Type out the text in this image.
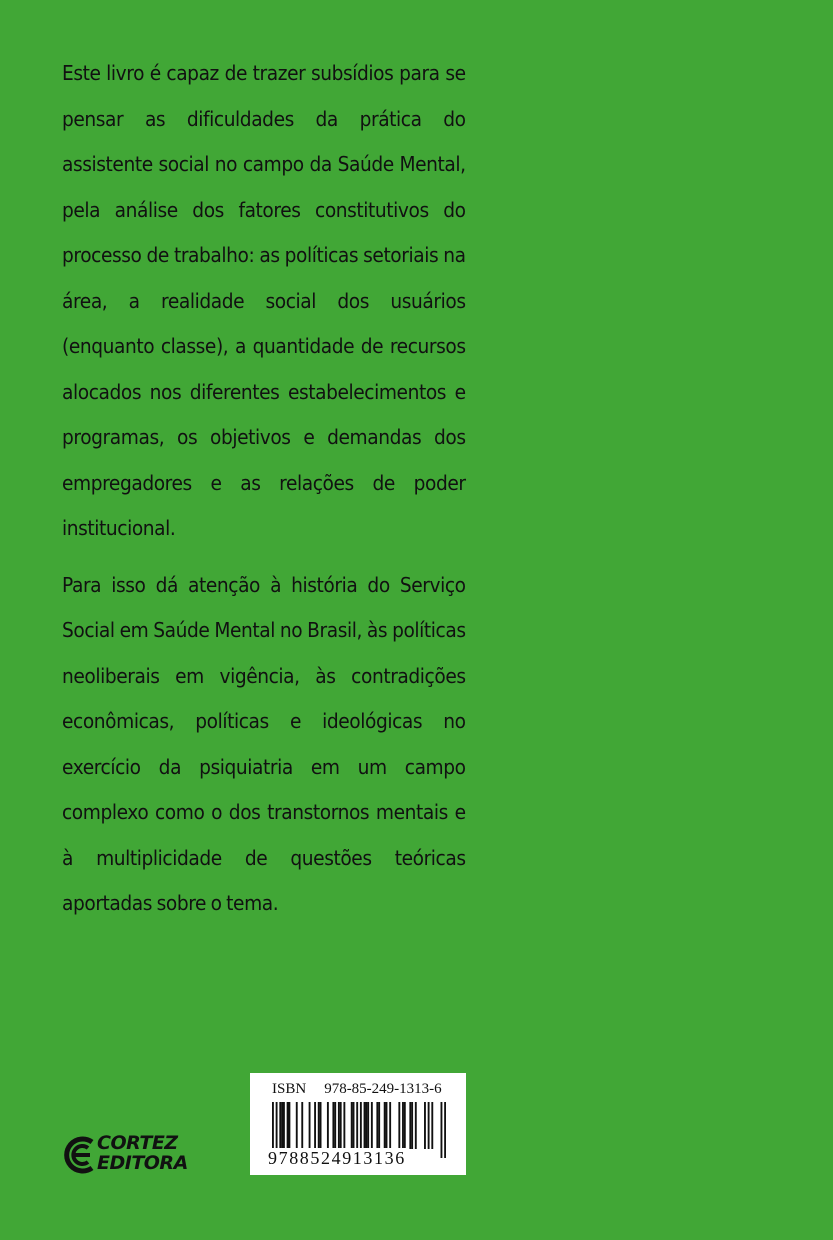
Este livro é capaz de trazer subsídios para se pensar as dificuldades da prática do assistente social no campo da Saúde Mental, pela análise dos fatores constitutivos do processo de trabalho: as políticas setoriais na área, a realidade social dos usuários (enquanto classe), a quantidade de recursos alocados nos diferentes estabelecimentos e programas, os objetivos e demandas dos empregadores e as relações de poder institucional.

Para isso dá atenção à história do Serviço Social em Saúde Mental no Brasil, às políticas neoliberais em vigência, às contradições econômicas, políticas e ideológicas no exercício da psiquiatria em um campo complexo como o dos transtornos mentais e à multiplicidade de questões teóricas aportadas sobre o tema.

CORTEZ
EDITORA
ISBN 978-85-249-1313-6
9788524913136
